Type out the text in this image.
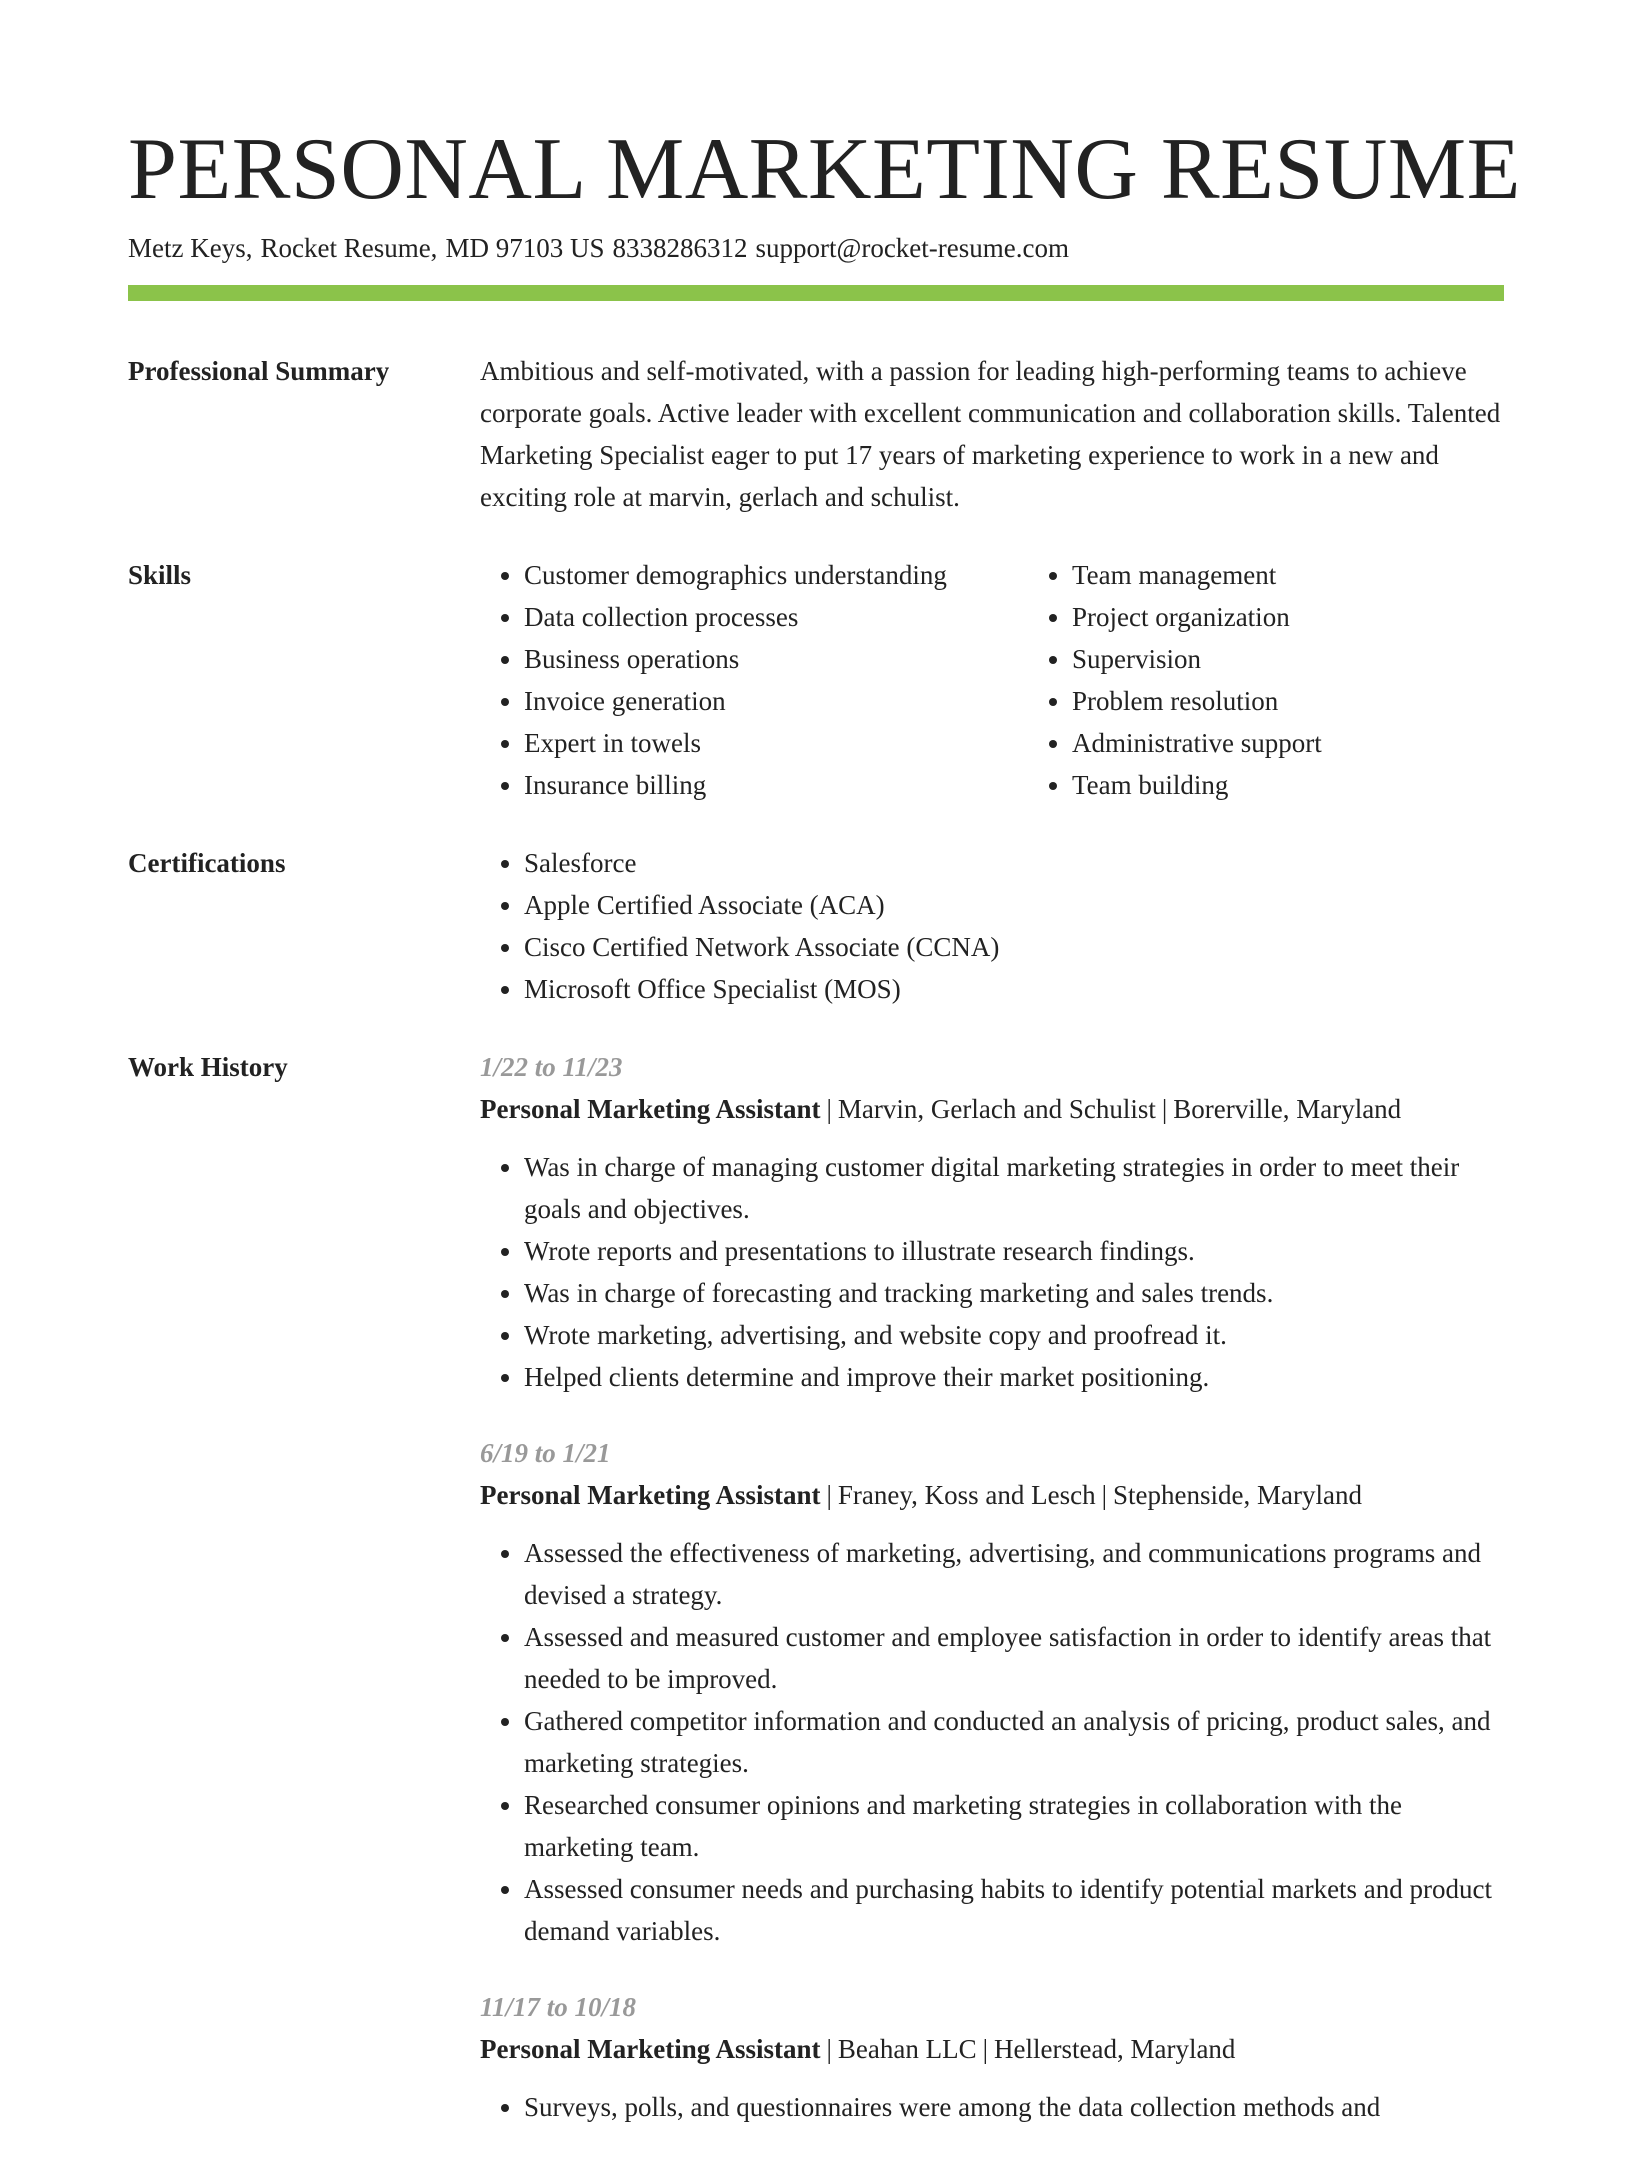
PERSONAL MARKETING RESUME
Metz Keys, Rocket Resume, MD 97103 US 8338286312 support@rocket-resume.com
Professional Summary	Ambitious and self-motivated, with a passion for leading high-performing teams to achieve corporate goals. Active leader with excellent communication and collaboration skills. Talented Marketing Specialist eager to put 17 years of marketing experience to work in a new and exciting role at marvin, gerlach and schulist.

Skills	• Customer demographics understanding
• Data collection processes
• Business operations
• Invoice generation
• Expert in towels
• Insurance billing
• Team management
• Project organization
• Supervision
• Problem resolution
• Administrative support
• Team building
Certifications	• Salesforce
• Apple Certified Associate (ACA)
• Cisco Certified Network Associate (CCNA)
• Microsoft Office Specialist (MOS)
Work History	1/22 to 11/23
Personal Marketing Assistant | Marvin, Gerlach and Schulist | Borerville, Maryland
• Was in charge of managing customer digital marketing strategies in order to meet their goals and objectives.
• Wrote reports and presentations to illustrate research findings.
• Was in charge of forecasting and tracking marketing and sales trends.
• Wrote marketing, advertising, and website copy and proofread it.
• Helped clients determine and improve their market positioning.
6/19 to 1/21
Personal Marketing Assistant | Franey, Koss and Lesch | Stephenside, Maryland
• Assessed the effectiveness of marketing, advertising, and communications programs and devised a strategy.
• Assessed and measured customer and employee satisfaction in order to identify areas that needed to be improved.
• Gathered competitor information and conducted an analysis of pricing, product sales, and marketing strategies.
• Researched consumer opinions and marketing strategies in collaboration with the marketing team.
• Assessed consumer needs and purchasing habits to identify potential markets and product demand variables.
11/17 to 10/18
Personal Marketing Assistant | Beahan LLC | Hellerstead, Maryland
• Surveys, polls, and questionnaires were among the data collection methods and
